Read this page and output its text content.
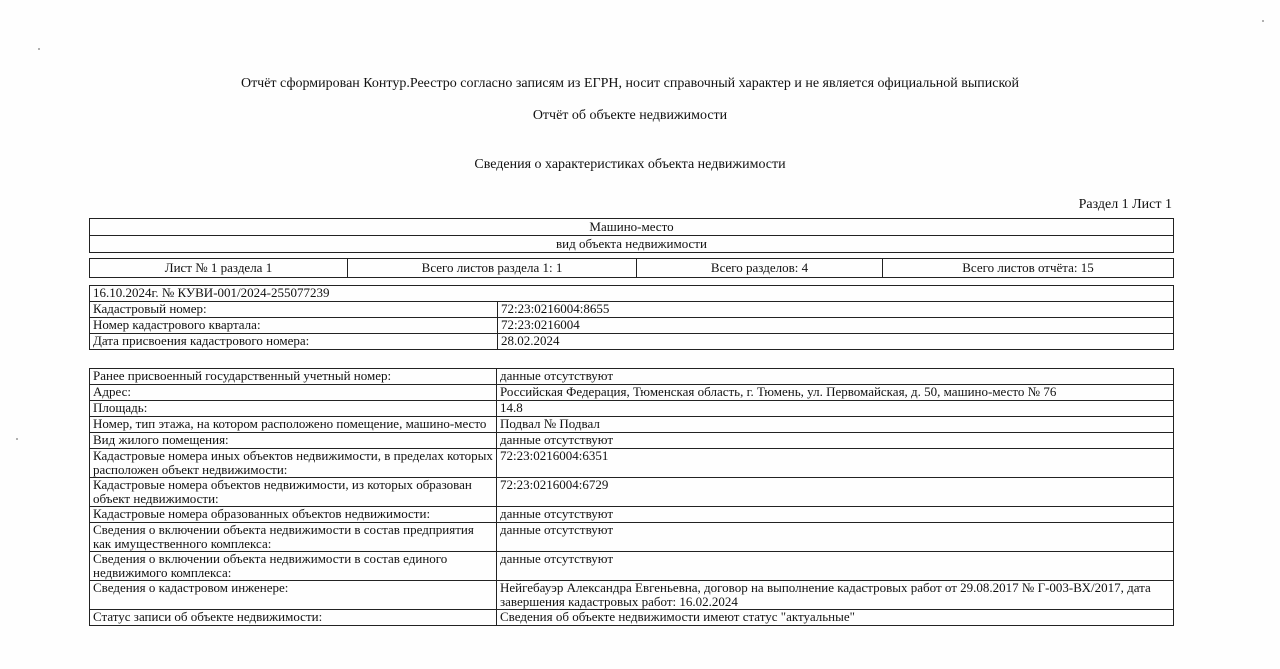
Отчёт сформирован Контур.Реестро согласно записям из ЕГРН, носит справочный характер и не является официальной выпиской
Отчёт об объекте недвижимости
Сведения о характеристиках объекта недвижимости
Раздел 1 Лист 1
Машино-место
вид объекта недвижимости
Лист № 1 раздела 1	Всего листов раздела 1: 1	Всего разделов: 4	Всего листов отчёта: 15
16.10.2024г. № КУВИ-001/2024-255077239	
Кадастровый номер:	72:23:0216004:8655
Номер кадастрового квартала:	72:23:0216004
Дата присвоения кадастрового номера:	28.02.2024
Ранее присвоенный государственный учетный номер:	данные отсутствуют
Адрес:	Российская Федерация, Тюменская область, г. Тюмень, ул. Первомайская, д. 50, машино-место № 76
Площадь:	14.8
Номер, тип этажа, на котором расположено помещение, машино-место	Подвал № Подвал
Вид жилого помещения:	данные отсутствуют
Кадастровые номера иных объектов недвижимости, в пределах которых расположен объект недвижимости:	72:23:0216004:6351
Кадастровые номера объектов недвижимости, из которых образован объект недвижимости:	72:23:0216004:6729
Кадастровые номера образованных объектов недвижимости:	данные отсутствуют
Сведения о включении объекта недвижимости в состав предприятия как имущественного комплекса:	данные отсутствуют
Сведения о включении объекта недвижимости в состав единого недвижимого комплекса:	данные отсутствуют
Сведения о кадастровом инженере:	Нейгебауэр Александра Евгеньевна, договор на выполнение кадастровых работ от 29.08.2017 № Г-003-ВХ/2017, дата завершения кадастровых работ: 16.02.2024
Статус записи об объекте недвижимости:	Сведения об объекте недвижимости имеют статус "актуальные"
